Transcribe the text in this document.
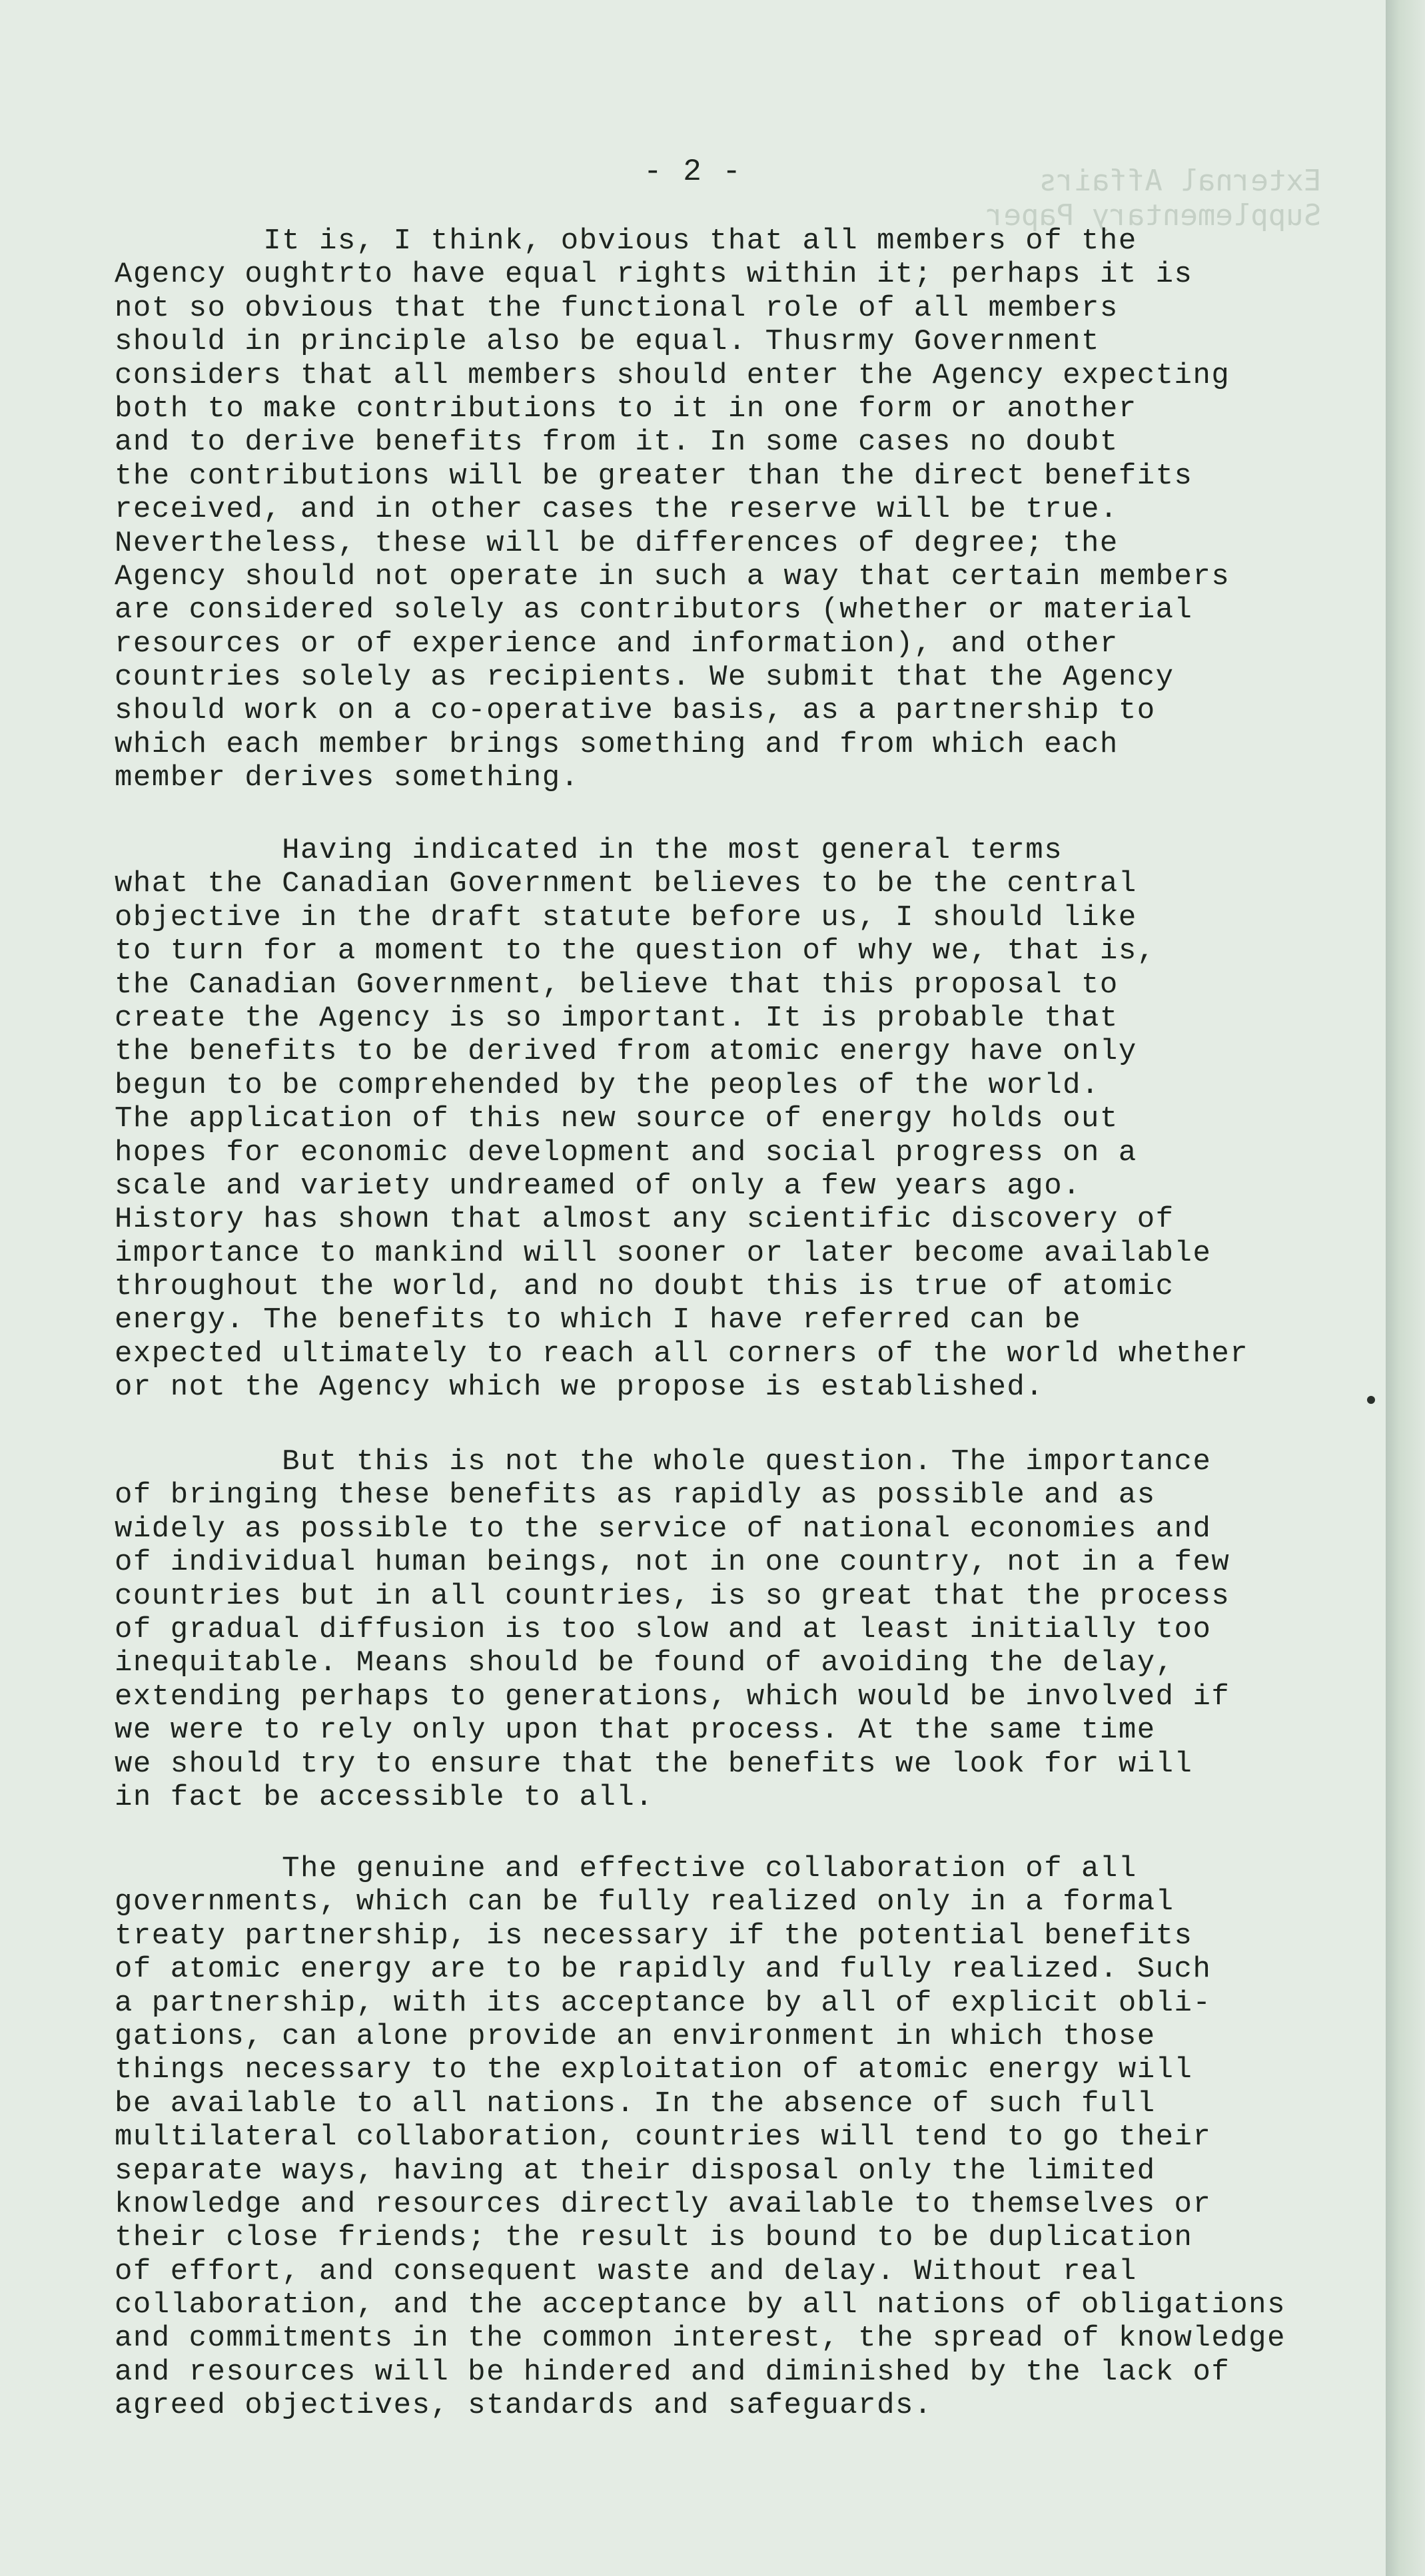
External Affairs
Supplementary Paper
- 2 -
It is, I think, obvious that all members of the
Agency oughtrto have equal rights within it; perhaps it is
not so obvious that the functional role of all members
should in principle also be equal. Thusrmy Government
considers that all members should enter the Agency expecting
both to make contributions to it in one form or another
and to derive benefits from it. In some cases no doubt
the contributions will be greater than the direct benefits
received, and in other cases the reserve will be true.
Nevertheless, these will be differences of degree; the
Agency should not operate in such a way that certain members
are considered solely as contributors (whether or material
resources or of experience and information), and other
countries solely as recipients. We submit that the Agency
should work on a co-operative basis, as a partnership to
which each member brings something and from which each
member derives something.
Having indicated in the most general terms
what the Canadian Government believes to be the central
objective in the draft statute before us, I should like
to turn for a moment to the question of why we, that is,
the Canadian Government, believe that this proposal to
create the Agency is so important. It is probable that
the benefits to be derived from atomic energy have only
begun to be comprehended by the peoples of the world.
The application of this new source of energy holds out
hopes for economic development and social progress on a
scale and variety undreamed of only a few years ago.
History has shown that almost any scientific discovery of
importance to mankind will sooner or later become available
throughout the world, and no doubt this is true of atomic
energy. The benefits to which I have referred can be
expected ultimately to reach all corners of the world whether
or not the Agency which we propose is established.
But this is not the whole question. The importance
of bringing these benefits as rapidly as possible and as
widely as possible to the service of national economies and
of individual human beings, not in one country, not in a few
countries but in all countries, is so great that the process
of gradual diffusion is too slow and at least initially too
inequitable. Means should be found of avoiding the delay,
extending perhaps to generations, which would be involved if
we were to rely only upon that process. At the same time
we should try to ensure that the benefits we look for will
in fact be accessible to all.
The genuine and effective collaboration of all
governments, which can be fully realized only in a formal
treaty partnership, is necessary if the potential benefits
of atomic energy are to be rapidly and fully realized. Such
a partnership, with its acceptance by all of explicit obli-
gations, can alone provide an environment in which those
things necessary to the exploitation of atomic energy will
be available to all nations. In the absence of such full
multilateral collaboration, countries will tend to go their
separate ways, having at their disposal only the limited
knowledge and resources directly available to themselves or
their close friends; the result is bound to be duplication
of effort, and consequent waste and delay. Without real
collaboration, and the acceptance by all nations of obligations
and commitments in the common interest, the spread of knowledge
and resources will be hindered and diminished by the lack of
agreed objectives, standards and safeguards.
